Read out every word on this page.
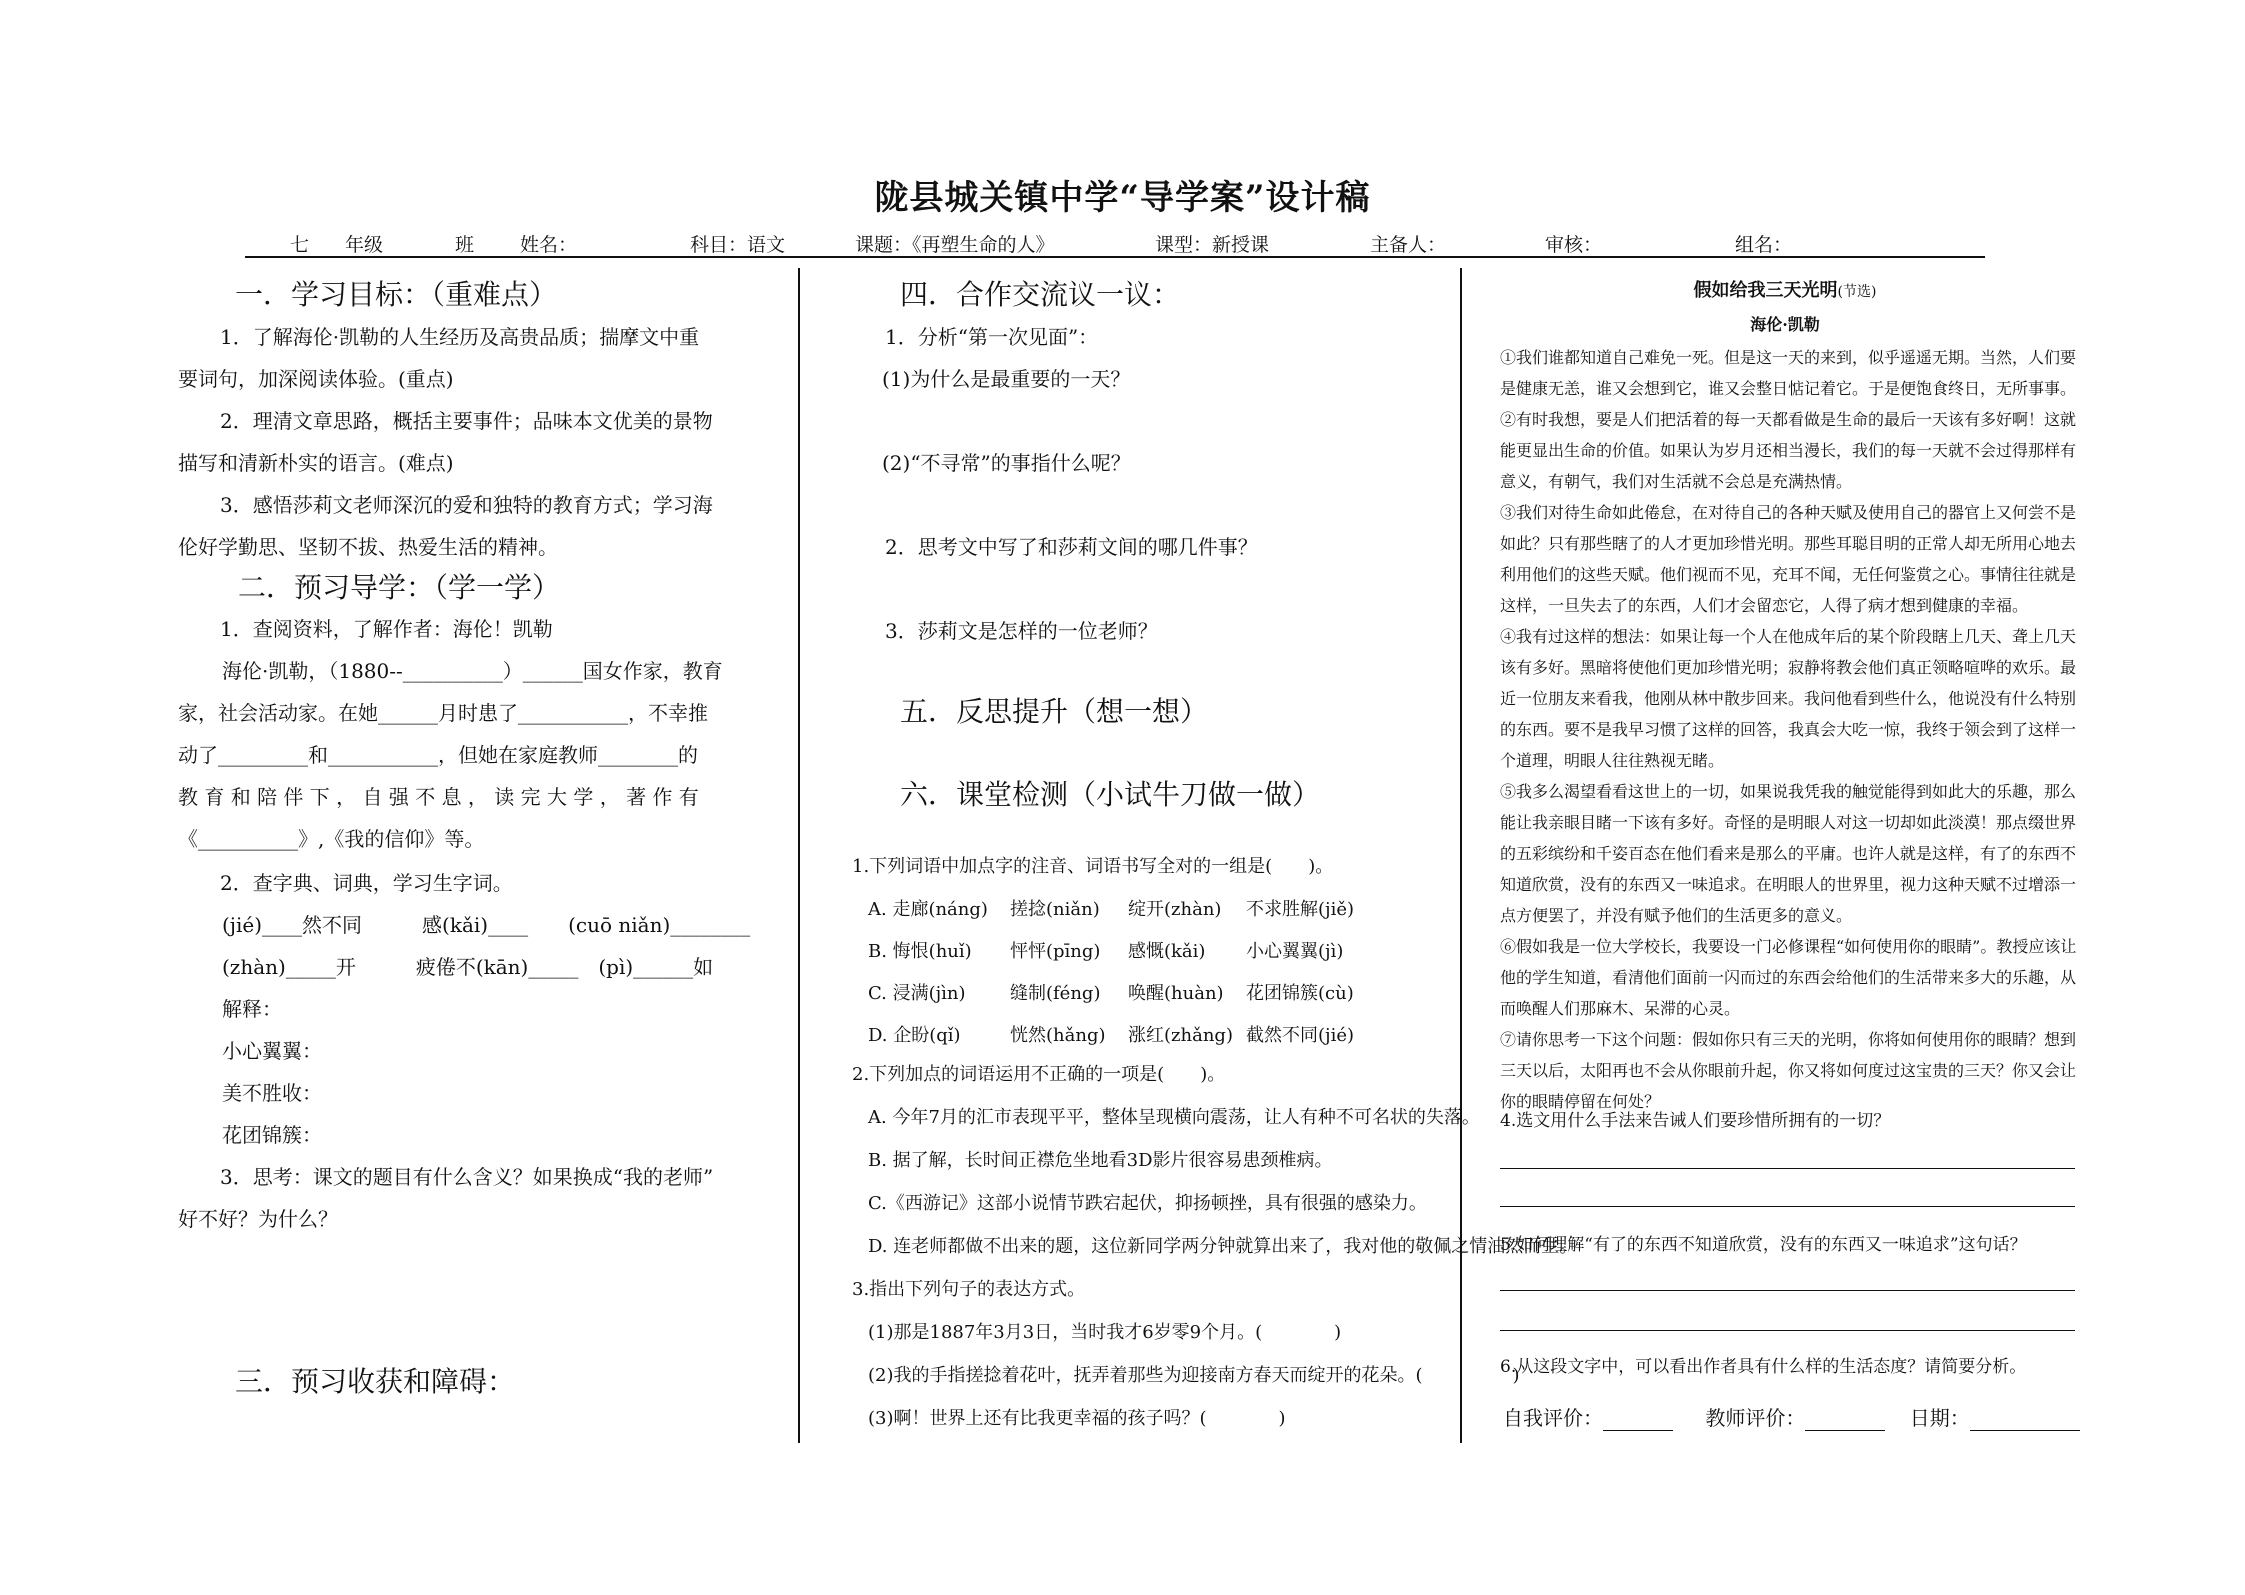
陇县城关镇中学“导学案”设计稿
七 年级	班 姓名：	科目：语文	课题：《再塑生命的人》	课型：新授课	主备人：	审核：	组名：
一．学习目标：（重难点）
1．了解海伦·凯勒的人生经历及高贵品质；揣摩文中重
要词句，加深阅读体验。(重点)
2．理清文章思路，概括主要事件；品味本文优美的景物
描写和清新朴实的语言。(难点)
3．感悟莎莉文老师深沉的爱和独特的教育方式；学习海
伦好学勤思、坚韧不拔、热爱生活的精神。
二．预习导学：（学一学）
1．查阅资料，了解作者：海伦！凯勒
海伦·凯勒，（1880--__________）______国女作家，教育
家，社会活动家。在她______月时患了___________，不幸推
动了_________和___________，但她在家庭教师________的
教 育 和 陪 伴 下 ， 自 强 不 息 ， 读 完 大 学 ， 著 作 有
《__________》,《我的信仰》等。
2．查字典、词典，学习生字词。
(jié)____然不同　　　感(kǎi)____　　(cuō niǎn)________
(zhàn)_____开　　　疲倦不(kān)_____　(pì)______如
解释：
小心翼翼：
美不胜收：
花团锦簇：
3．思考：课文的题目有什么含义？如果换成“我的老师”
好不好？为什么？
三．预习收获和障碍：
四．合作交流议一议：
1．分析“第一次见面”：
(1)为什么是最重要的一天？
(2)“不寻常”的事指什么呢？
2．思考文中写了和莎莉文间的哪几件事？
3．莎莉文是怎样的一位老师？
五．反思提升（想一想）
六．课堂检测（小试牛刀做一做）
1.下列词语中加点字的注音、词语书写全对的一组是(　　)。
A. 走廊(náng) 搓捻(niǎn) 绽开(zhàn) 不求胜解(jiě)
B. 悔恨(huǐ) 怦怦(pīng) 感慨(kǎi) 小心翼翼(jì)
C. 浸满(jìn) 缝制(féng) 唤醒(huàn) 花团锦簇(cù)
D. 企盼(qǐ)	恍然(hǎng) 涨红(zhǎng) 截然不同(jié)
2.下列加点的词语运用不正确的一项是(　　)。
A. 今年7月的汇市表现平平，整体呈现横向震荡，让人有种不可名状的失落。
B. 据了解，长时间正襟危坐地看3D影片很容易患颈椎病。
C.《西游记》这部小说情节跌宕起伏，抑扬顿挫，具有很强的感染力。
D. 连老师都做不出来的题，这位新同学两分钟就算出来了，我对他的敬佩之情油然而生。
3.指出下列句子的表达方式。
(1)那是1887年3月3日，当时我才6岁零9个月。(　　　　)
(2)我的手指搓捻着花叶，抚弄着那些为迎接南方春天而绽开的花朵。(　　　　　)
(3)啊！世界上还有比我更幸福的孩子吗？(　　　　)
假如给我三天光明(节选)
海伦·凯勒

①我们谁都知道自己难免一死。但是这一天的来到，似乎遥遥无期。当然，人们要是健康无恙，谁又会想到它，谁又会整日惦记着它。于是便饱食终日，无所事事。

②有时我想，要是人们把活着的每一天都看做是生命的最后一天该有多好啊！这就能更显出生命的价值。如果认为岁月还相当漫长，我们的每一天就不会过得那样有意义，有朝气，我们对生活就不会总是充满热情。

③我们对待生命如此倦怠，在对待自己的各种天赋及使用自己的器官上又何尝不是如此？只有那些瞎了的人才更加珍惜光明。那些耳聪目明的正常人却无所用心地去利用他们的这些天赋。他们视而不见，充耳不闻，无任何鉴赏之心。事情往往就是这样，一旦失去了的东西，人们才会留恋它，人得了病才想到健康的幸福。

④我有过这样的想法：如果让每一个人在他成年后的某个阶段瞎上几天、聋上几天该有多好。黑暗将使他们更加珍惜光明；寂静将教会他们真正领略喧哗的欢乐。最近一位朋友来看我，他刚从林中散步回来。我问他看到些什么，他说没有什么特别的东西。要不是我早习惯了这样的回答，我真会大吃一惊，我终于领会到了这样一个道理，明眼人往往熟视无睹。

⑤我多么渴望看看这世上的一切，如果说我凭我的触觉能得到如此大的乐趣，那么能让我亲眼目睹一下该有多好。奇怪的是明眼人对这一切却如此淡漠！那点缀世界的五彩缤纷和千姿百态在他们看来是那么的平庸。也许人就是这样，有了的东西不知道欣赏，没有的东西又一味追求。在明眼人的世界里，视力这种天赋不过增添一点方便罢了，并没有赋予他们的生活更多的意义。

⑥假如我是一位大学校长，我要设一门必修课程“如何使用你的眼睛”。教授应该让他的学生知道，看清他们面前一闪而过的东西会给他们的生活带来多大的乐趣，从而唤醒人们那麻木、呆滞的心灵。

⑦请你思考一下这个问题：假如你只有三天的光明，你将如何使用你的眼睛？想到三天以后，太阳再也不会从你眼前升起，你又将如何度过这宝贵的三天？你又会让你的眼睛停留在何处？

4.选文用什么手法来告诫人们要珍惜所拥有的一切？
5.如何理解“有了的东西不知道欣赏，没有的东西又一味追求”这句话？
6.从这段文字中，可以看出作者具有什么样的生活态度？请简要分析。
自我评价：	教师评价：	日期：
